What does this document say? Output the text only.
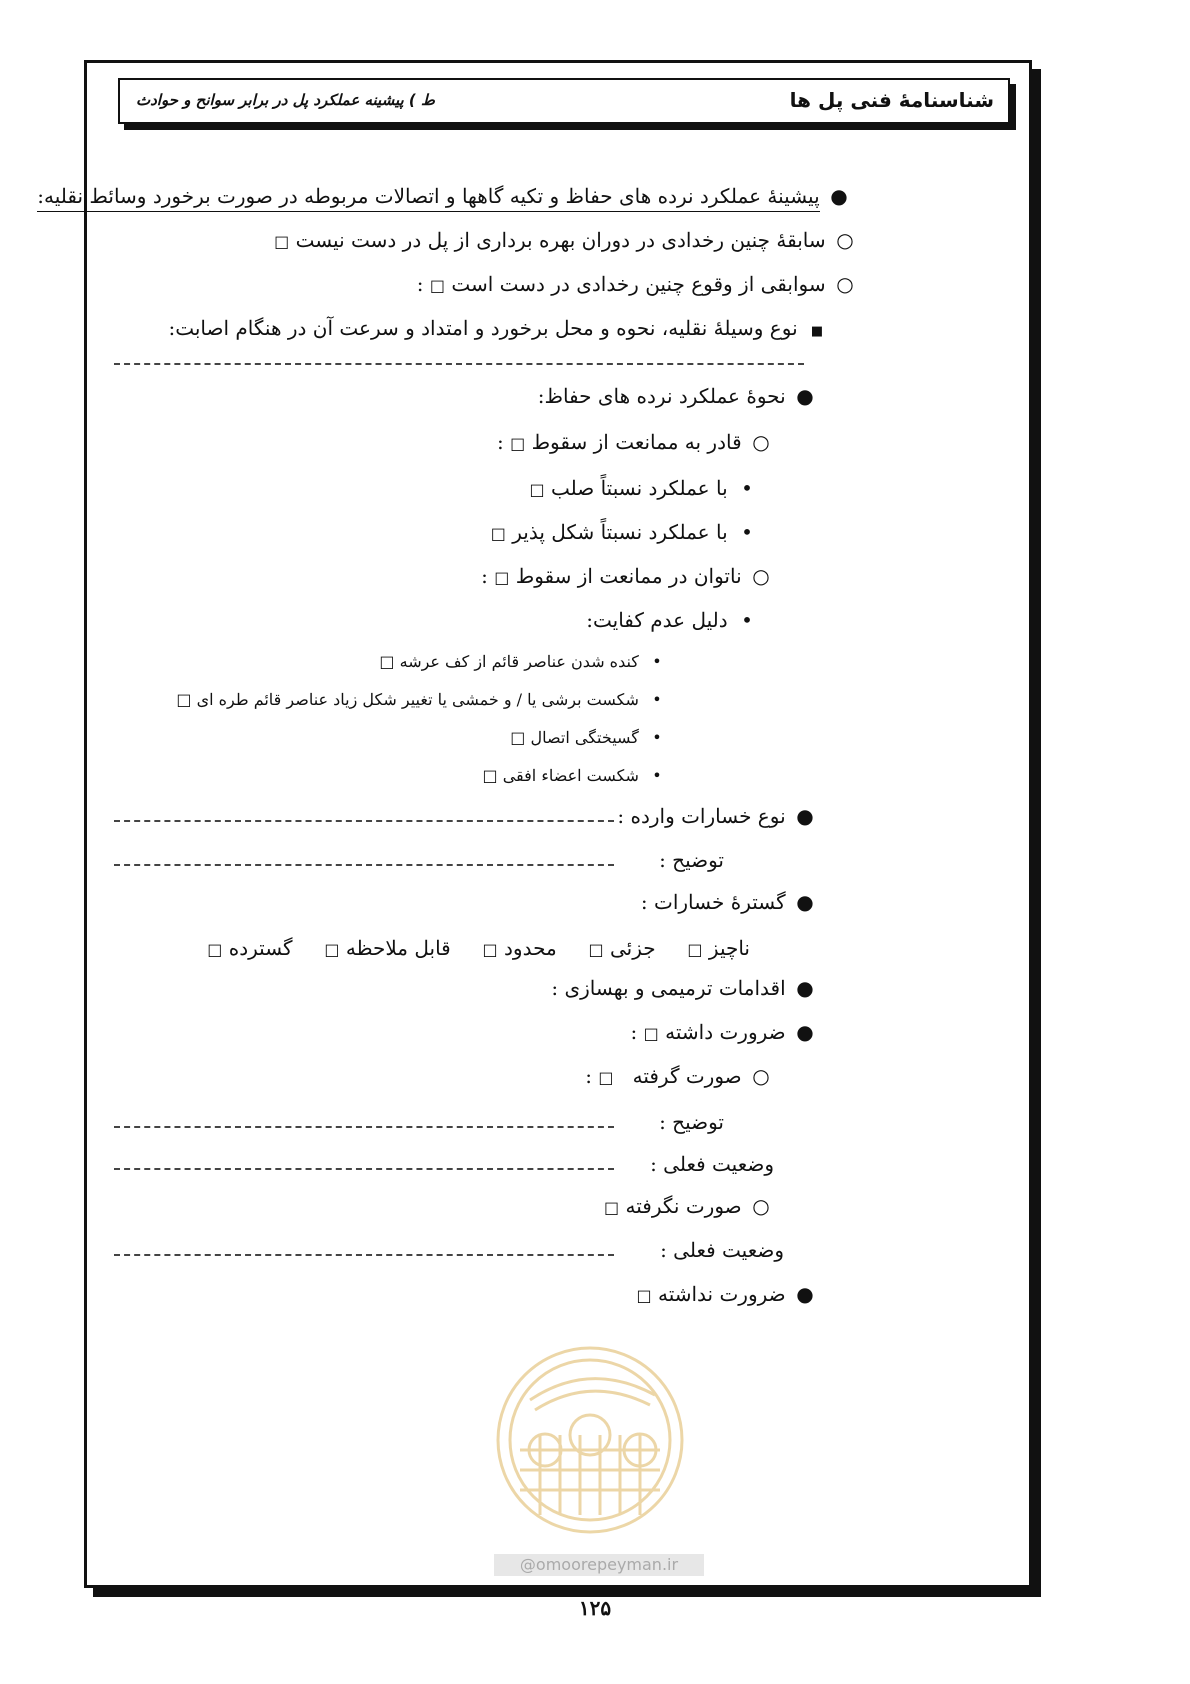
شناسنامهٔ فنی پل ها
ط ) پیشینه عملکرد پل در برابر سوانح و حوادث
● پیشینهٔ عملکرد نرده های حفاظ و تکیه گاهها و اتصالات مربوطه در صورت برخورد وسائط نقلیه:
○ سابقهٔ چنین رخدادی در دوران بهره برداری از پل در دست نیست □
○ سوابقی از وقوع چنین رخدادی در دست است □ :
■ نوع وسیلهٔ نقلیه، نحوه و محل برخورد و امتداد و سرعت آن در هنگام اصابت:
● نحوهٔ عملکرد نرده های حفاظ:
○ قادر به ممانعت از سقوط □ :
• با عملکرد نسبتاً صلب □
• با عملکرد نسبتاً شکل پذیر □
○ ناتوان در ممانعت از سقوط □ :
• دلیل عدم کفایت:
• کنده شدن عناصر قائم از کف عرشه □
• شکست برشی یا / و خمشی یا تغییر شکل زیاد عناصر قائم طره ای □
• گسیختگی اتصال □
• شکست اعضاء افقی □
● نوع خسارات وارده :
توضیح :
● گسترهٔ خسارات :
ناچیز □     جزئی □     محدود □     قابل ملاحظه □     گسترده □
● اقدامات ترمیمی و بهسازی :
● ضرورت داشته □ :
○ صورت گرفته   □ :
توضیح :
وضعیت فعلی :
○ صورت نگرفته □
وضعیت فعلی :
● ضرورت نداشته □
@omoorepeyman.ir
۱۲۵
